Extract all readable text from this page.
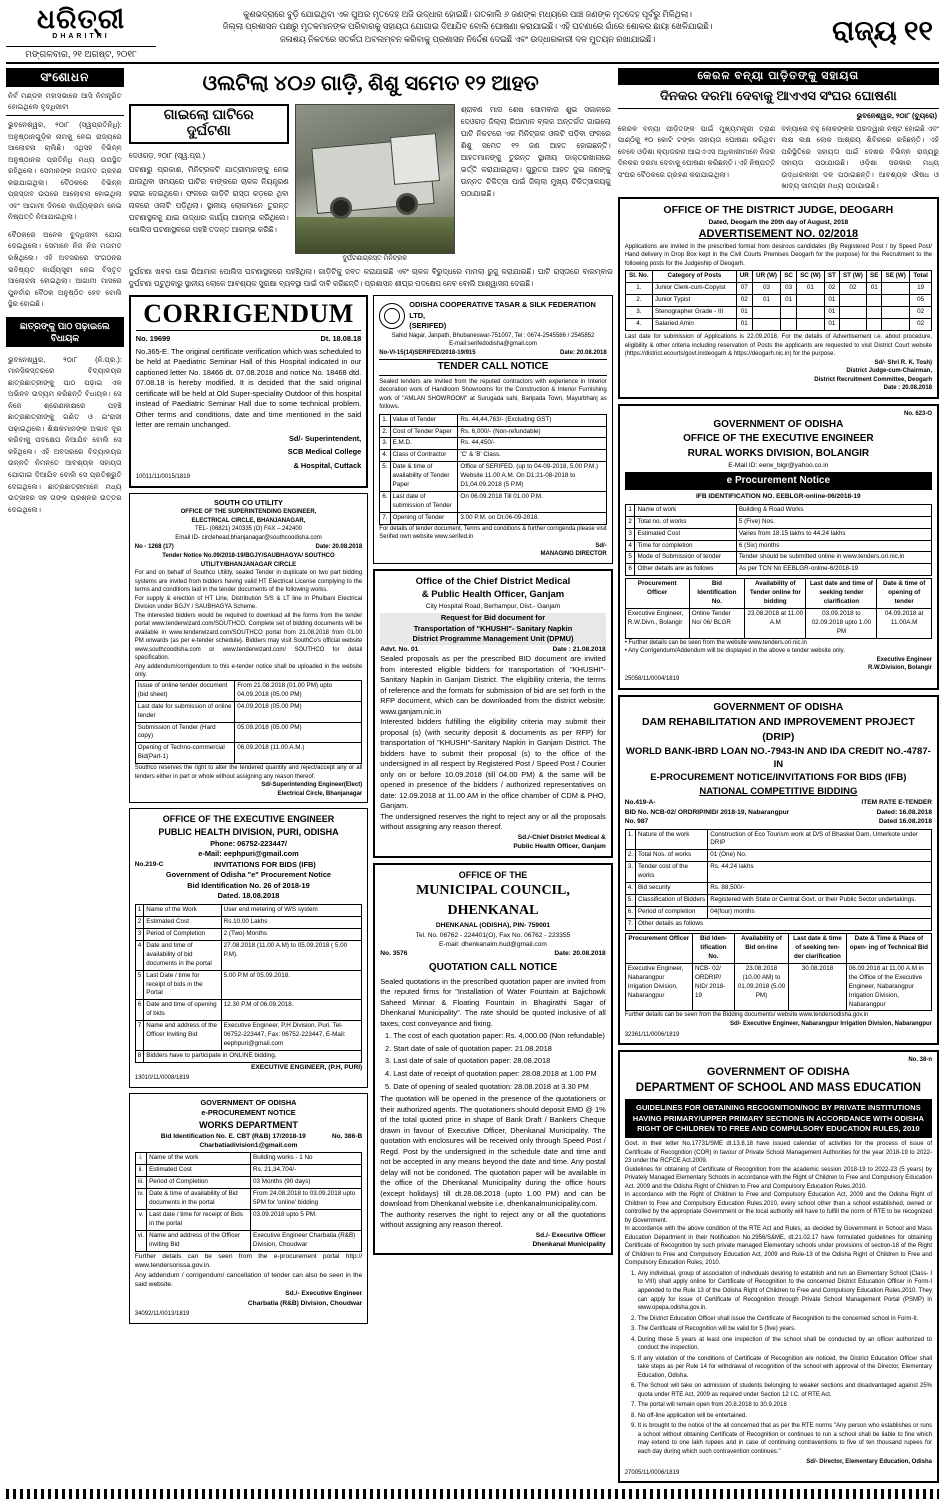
ଧରିତ୍ରୀ
DHARITRI
ମଙ୍ଗଳବାର, ୨୧ ଅଗଷ୍ଟ, ୨୦୧୮
କୁଶଭଦ୍ରାରେ ବୁଡ଼ି ଯୋଇଥିବା ଏକ ପୁଅର ମୃତଦେହ ଅଜି ଉଦ୍ଧାର ହୋଇଛି। ଗତକାଲି ୬ ଜଣଙ୍କ ମଧ୍ୟରେ ପାଞ୍ଚ ଜଣଙ୍କ ମୃତଦେହ ପୂର୍ବରୁ ମିଳିଥିଲା।
ଜିଲ୍ଲା ପ୍ରଶାସନ ପକ୍ଷରୁ ମୃତକମାନଙ୍କ ପରିବାରକୁ ସହାୟତା ଯୋଗାଇ ଦିଆଯିବ ବୋଲି ଘୋଷଣା କରାଯାଇଛି। ଏହି ଘଟଣାରେ ଗାଁରେ ଶୋକର ଛାୟା ଖେଳିଯାଇଛି।
ଜଳାଶୟ ନିକଟରେ ସତର୍କତା ଅବଲମ୍ବନ କରିବାକୁ ପ୍ରଶାସନ ନିର୍ଦ୍ଦେଶ ଦେଇଛି ଏବଂ ଉଦ୍ଧାରକାରୀ ଦଳ ମୁତୟନ ରଖାଯାଇଛି।	ରାଜ୍ୟ ୧୧
ସଂଶୋଧନ
ନିର୍ବ ମଣ୍ଡଳ ମହାସଭାରେ ଆସି ନିମନ୍ତ୍ରିତ ହୋଇଥିଲେ ବୃଦ୍ଧିଜୀବୀ
ଭୁବନେଶ୍ୱର, ୨୦ା୮ (ସ୍ୱପ୍ରତିନିଧି): ଅନୁଷ୍ଠାନଗୁଡ଼ିକ ନାମକୁ ନେଇ ରାଜ୍ୟରେ ଆଲୋଚନା ଚାଲିଛି। ଏଥିସହ ବିଭିନ୍ନ ଅନୁଷ୍ଠାନର ପ୍ରତିନିଧି ମଧ୍ୟ ଉପସ୍ଥିତ ରହିଥିଲେ। ସେମାନଙ୍କ ମତାମତ ଗ୍ରହଣ କରାଯାଇଥିଲା। ବୈଠକରେ ବିଭିନ୍ନ ପ୍ରସ୍ତାବ ଉପରେ ଆଲୋଚନା ହୋଇଥିଲା ଏବଂ ଆଗାମୀ ଦିନରେ କାର୍ଯ୍ୟକ୍ରମ ନେଇ ନିଷ୍ପତ୍ତି ନିଆଯାଇଥିଲା।
ବୈଠକରେ ଅନେକ ବୁଦ୍ଧିଜୀବୀ ଯୋଗ ଦେଇଥିଲେ। ସେମାନେ ନିଜ ନିଜ ମତାମତ ରଖିଥିଲେ। ଏହି ଅବସରରେ ସଂଗଠନର ଭବିଷ୍ୟତ କାର୍ଯ୍ୟସୂଚୀ ନେଇ ବିସ୍ତୃତ ଆଲୋଚନା ହୋଇଥିଲା। ଆଗାମୀ ମାସରେ ପୁନର୍ବାର ବୈଠକ ଅନୁଷ୍ଠିତ ହେବ ବୋଲି ସ୍ଥିର ହୋଇଛି।
ଛାତ୍ରଙ୍କୁ ପାଠ ପଢ଼ାଇଲେ ବିଧାୟକ
ଭୁବନେଶ୍ୱର, ୨୦ା୮ (ନି.ପ୍ର.): ମାନସିକସ୍ତରରେ ବିଦ୍ୟାଳୟର ଛାତ୍ରଛାତ୍ରୀଙ୍କୁ ପାଠ ପଢ଼ାଇ ଏକ ଅଭିନବ ଉଦ୍ୟମ କରିଛନ୍ତି ବିଧାୟକ। ସେ ନିଜେ ଶ୍ରେଣୀକକ୍ଷରେ ପହଞ୍ଚି ଛାତ୍ରଛାତ୍ରୀଙ୍କୁ ଗଣିତ ଓ ଇଂରାଜୀ ପଢ଼ାଇଥିଲେ। ଶିକ୍ଷକମାନଙ୍କ ଅଭାବ ଦୂର କରିବାକୁ ପଦକ୍ଷେପ ନିଆଯିବ ବୋଲି ସେ କହିଥିଲେ। ଏହି ଅବସରରେ ବିଦ୍ୟାଳୟର ଉନ୍ନତି ନିମନ୍ତେ ଆବଶ୍ୟକ ସହାୟତା ଯୋଗାଇ ଦିଆଯିବ ବୋଲି ସେ ପ୍ରତିଶ୍ରୁତି ଦେଇଥିଲେ। ଛାତ୍ରଛାତ୍ରୀମାନେ ମଧ୍ୟ ଉତ୍ସାହର ସହ ତାଙ୍କ ପ୍ରଶ୍ନର ଉତ୍ତର ଦେଇଥିଲେ।
ଓଲଟିଲା ୪୦୬ ଗାଡ଼ି, ଶିଶୁ ସମେତ ୧୨ ଆହତ
ଗାଇଲୋ ଘାଟିରେ ଦୁର୍ଘଟଣା
ଦେଓଗଡ଼, ୨୦ା୮ (ସ୍ୱ.ପ୍ର.)
ଘଟଣାରୁ ପ୍ରକାଶ, ମିନିଟ୍ରକଟି ଯାତ୍ରୀମାନଙ୍କୁ ନେଇ ଯାଉଥିବା ସମୟରେ ଘାଟିର ବାଙ୍କରେ ଚାଳକ ନିୟନ୍ତ୍ରଣ ହରାଇ ଦେଇଥିଲେ। ଫଳରେ ଗାଡ଼ିଟି ରାସ୍ତା କଡ଼ରେ ଥିବା ନାଳରେ ଓଲଟି ପଡ଼ିଥିଲା। ସ୍ଥାନୀୟ ଲୋକମାନେ ତୁରନ୍ତ ଘଟଣାସ୍ଥଳକୁ ଯାଇ ଉଦ୍ଧାର କାର୍ଯ୍ୟ ଆରମ୍ଭ କରିଥିଲେ। ପୋଲିସ ଘଟଣାସ୍ଥଳରେ ପହଞ୍ଚି ତଦନ୍ତ ଆରମ୍ଭ କରିଛି।
ଦୁର୍ଘଟଣାଗ୍ରସ୍ତ ମିନିଟ୍ରକ
ଶ୍ରାବଣ ମାସ ଶେଷ ସୋମବାର ଶୁଭ ସକାଳରେ ଦେଓଗଡ଼ ଜିଲ୍ଲା ରିଆମାଳ ବ୍ଲକ ଅନ୍ତର୍ଗତ ଗାଇଲୋ ଘାଟି ନିକଟରେ ଏକ ମିନିଟ୍ରକ ଓଲଟି ପଡ଼ିବା ଫଳରେ ଶିଶୁ ସମେତ ୧୨ ଜଣ ଆହତ ହୋଇଛନ୍ତି। ଆହତମାନଙ୍କୁ ତୁରନ୍ତ ସ୍ଥାନୀୟ ଡାକ୍ତରଖାନାରେ ଭର୍ତ୍ତି କରାଯାଇଥିଲା। ଗୁରୁତର ଆହତ ଦୁଇ ଜଣଙ୍କୁ ଉନ୍ନତ ଚିକିତ୍ସା ପାଇଁ ଜିଲ୍ଲା ମୁଖ୍ୟ ଚିକିତ୍ସାଳୟକୁ ପଠାଯାଇଛି।
ଦୁର୍ଘଟଣା ଖବର ପାଇ ରିଆମାଳ ପୋଲିସ ଘଟଣାସ୍ଥଳରେ ପହଞ୍ଚିଥିଲା। ଗାଡ଼ିଟିକୁ ଜବତ କରାଯାଇଛି ଏବଂ ଚାଳକ ବିରୁଦ୍ଧରେ ମାମଲା ରୁଜୁ କରାଯାଇଛି। ଘାଟି ରାସ୍ତାରେ ବାରମ୍ବାର ଦୁର୍ଘଟଣା ଘଟୁଥିବାରୁ ସ୍ଥାନୀୟ ଲୋକେ ଆବଶ୍ୟକ ସୁରକ୍ଷା ବ୍ୟବସ୍ଥା ପାଇଁ ଦାବି କରିଛନ୍ତି। ପ୍ରଶାସନ ଶୀଘ୍ର ପଦକ୍ଷେପ ନେବ ବୋଲି ଆଶ୍ୱାସନା ଦେଇଛି।
CORRIGENDUM
No. 19699	Dt. 18.08.18
No.365-E. The original certificate verification which was scheduled to be held at Paediatric Seminar Hall of this Hospital indicated in our captioned letter No. 18466 dt. 07.08.2018 and notice No. 18468 dtd. 07.08.18 is hereby modified. It is decided that the said original certificate will be held at Old Super-speciality Outdoor of this hospital instead of Paediatric Seminar Hall due to some technical problem. Other terms and conditions, date and time mentioned in the said letter are remain unchanged.
Sd/- Superintendent,
SCB Medical College
& Hospital, Cuttack
10011/11/0015/1819
SOUTH CO UTILITY
OFFICE OF THE SUPERINTENDING ENGINEER,
ELECTRICAL CIRCLE, BHANJANAGAR,
TEL- (06821) 240335 (O) FAX – 242400
Email ID- circlehead.bhanjanagar@southcoodisha.com
No - 1268 (17)	Date: 20.08.2018
Tender Notice No.09/2018-19/BGJY/SAUBHAGYA/ SOUTHCO UTILITY/BHANJANAGAR CIRCLE
For and on behalf of Southco Utility, sealed Tender in duplicate on two part bidding systems are invited from bidders having valid HT Electrical License complying to the terms and conditions laid in the tender documents of the following works.
For supply & erection of HT Line, Distribution S/S & LT line in Phulbani Electrical Division under BGJY / SAUBHAGYA Scheme.
The interested bidders would be required to download all the forms from the tender portal www.tenderwizard.com/SOUTHCO. Complete set of bidding documents will be available in www.tenderwizard.com/SOUTHCO portal from 21.08.2018 from 01.00 PM onwards (as per e-tender schedule). Bidders may visit SouthCo's official website www.southcoodisha.com or www.tenderwizard.com/ SOUTHCO for detail specification.
Any addendum/corrigendum to this e-tender notice shall be uploaded in the website only.
Issue of online tender document (bid sheet)	From 21.08.2018 (01.00 PM) upto 04.09.2018 (05.00 PM)
Last date for submission of online tender	04.09.2018 (05.00 PM)
Submission of Tender (Hard copy)	05.09.2018 (05.00 PM)
Opening of Techno-commercial Bid(Part-1)	06.09.2018 (11.00 A.M.)
Southco reserves the right to alter the tendered quantity and reject/accept any or all tenders either in part or whole without assigning any reason thereof.
Sd/-Superintending Engineer(Elect)
Electrical Circle, Bhanjanagar
OFFICE OF THE EXECUTIVE ENGINEER
PUBLIC HEALTH DIVISION, PURI, ODISHA
Phone: 06752-223447/
e-Mail: eephpuri@gmail.com
No.219-C	INVITATIONS FOR BIDS (IFB)
Government of Odisha "e" Procurement Notice
Bid Identification No. 26 of 2018-19
Dated. 18.08.2018
1	Name of the Work	User end metering of W/S system
2	Estimated Cost	Rs.10.00 Lakhs
3	Period of Completion	2 (Two) Months
4	Date and time of availability of bid documents in the portal	27.08.2018 (11.00 A.M) to 05.09.2018 ( 5.00 P.M).
5	Last Date / time for receipt of bids in the Portal	5.00 P.M of 05.09.2018.
6	Date and time of opening of bids	12.30 P.M of 06.09.2018.
7	Name and address of the Officer Inviting Bid	Executive Engineer, P.H Division, Puri. Tel-06752-223447, Fax: 06752-223447, E-Mail: eephpuri@gmail.com
8	Bidders have to participate in ONLINE bidding.	
EXECUTIVE ENGINEER, (P.H, PURI)
13010/11/0008/1819
GOVERNMENT OF ODISHA
e-PROCUREMENT NOTICE
WORKS DEPARTMENT
Bid Identification No. E. CBT (R&B) 17/2018-19	No. 386-B
Charbatiadivision1@gmail.com
i.	Name of the work	Building works - 1 No
ii.	Estimated Cost	Rs. 21,34,704/-
iii.	Period of Completion	03 Months (90 days)
iv.	Date & time of availability of Bid documents in the portal	From 24.08.2018 to 03.09.2018 upto 5PM for 'online' bidding
v.	Last date / time for receipt of Bids in the portal	03.09.2018 upto 5 PM.
vi.	Name and address of the Officer inviting Bid	Executive Engineer Charbatia (R&B) Division, Choudwar
Further details can be seen from the e-procurement portal http:// www.tendersorissa.gov.in.
Any addendum / corrigendum/ cancellation of tender can also be seen in the said website.
Sd./- Executive Engineer
Charbatia (R&B) Division, Choudwar
34092/11/0013/1819
ODISHA COOPERATIVE TASAR & SILK FEDERATION LTD,
(SERIFED)
Sahid Nagar, Janpath, Bhubaneswar-751007, Tel : 0674-2545586 / 2545852
E-mail:serifedodisha@gmail.com
No-VI-15(14)SERIFED/2018-19/915	Date: 20.08.2018
TENDER CALL NOTICE
Sealed tenders are invited from the reputed contractors with experience in Interior decoration work of Handloom Showrooms for the Construction & Interior Furnishing work of "AMLAN SHOWROOM" at Surugada sahi, Baripada Town, Mayurbhanj as follows.
1.	Value of Tender	Rs. 44,44,763/- (Excluding GST)
2.	Cost of Tender Paper	Rs. 6,000/- (Non-refundable)
3.	E.M.D.	Rs. 44,450/-
4.	Class of Contractor	'C' & 'B' Class.
5.	Date & time of availability of Tender Paper	Office of SERIFED. (up to 04-09-2018, 5.00 P.M.) Website 11.00 A.M. On D1:21-08-2018 to D1,04.09.2018 (5 P.M)
6.	Last date of submission of Tender	On 06.09.2018 Till 01.00 P.M.
7.	Opening of Tender	3.00 P.M. on Dt.06-09-2018.
For details of tender document, Terms and conditions & further corrigenda please visit Serifed own website www.serifed.in
Sd/-
MANAGING DIRECTOR
Office of the Chief District Medical
& Public Health Officer, Ganjam
City Hospital Road, Berhampur, Dist.- Ganjam
Request for Bid document for
Transportation of "KHUSHI"- Sanitary Napkin
District Programme Management Unit (DPMU)
Advt. No. 01	Date : 21.08.2018
Sealed proposals as per the prescribed BID document are invited from interested eligible bidders for transportation of "KHUSHI"-Sanitary Napkin in Ganjam District. The eligibility criteria, the terms of reference and the formats for submission of bid are set forth in the RFP document, which can be downloaded from the district website: www.ganjam.nic.in
Interested bidders fulfilling the eligibility criteria may submit their proposal (s) (with security deposit & documents as per RFP) for transportation of "KHUSHI"-Sanitary Napkin in Ganjam District. The bidders have to submit their proposal (s) to the office of the undersigned in all respect by Registered Post / Speed Post / Courier only on or before 10.09.2018 (till 04.00 PM) & the same will be opened in presence of the bidders / authorized representatives on date: 12.09.2018 at 11.00 AM in the office chamber of CDM & PHO, Ganjam.
The undersigned reserves the right to reject any or all the proposals without assigning any reason thereof.
Sd./-Chief District Medical &
Public Health Officer, Ganjam
OFFICE OF THE
MUNICIPAL COUNCIL, DHENKANAL
DHENKANAL (ODISHA), PIN- 759001
Tel. No. 06762 - 224401(O), Fax No. 06762 - 223355
E-mail: dhenkanalm.hud@gmail.com
No. 3576	Date: 20.08.2018
QUOTATION CALL NOTICE
Sealed quotations in the prescribed quotation paper are invited from the reputed firms for "Installation of Water Fountain at Bajichowk Saheed Minnar & Floating Fountain in Bhagirathi Sagar of Dhenkanal Municipality". The rate should be quoted inclusive of all taxes, cost conveyance and fixing.
1. The cost of each quotation paper: Rs. 4,000.00 (Non refundable)
2. Start date of sale of quotation paper: 21.08.2018
3. Last date of sale of quotation paper: 28.08.2018
4. Last date of receipt of quotation paper: 28.08.2018 at 1.00 PM
5. Date of opening of sealed quotation: 28.08.2018 at 3.30 PM
The quotation will be opened in the presence of the quotationers or their authorized agents. The quotationers should deposit EMD @ 1% of the total quoted price in shape of Bank Draft / Bankers Cheque drawn in favour of Executive Officer, Dhenkanal Municipality. The quotation with enclosures will be received only through Speed Post / Regd. Post by the undersigned in the schedule date and time and not be accepted in any means beyond the date and time. Any postal delay will not be condoned. The quotation paper will be available in the office of the Dhenkanal Municipality during the office hours (except holidays) till dt.28.08.2018 (upto 1.00 PM) and can be download from Dhenkanal website i.e. dhenkanalmunicipality.com.
The authority reserves the right to reject any or all the quotations without assigning any reason thereof.
Sd./- Executive Officer
Dhenkanal Municipality
କେରଳ ବନ୍ୟା ପାଡ଼ିତଙ୍କୁ ସହାୟତା
ଦିନକର ଦରମା ଦେବାକୁ ଆଏଏସ ସଂଘର ଘୋଷଣା
ଭୁବନେଶ୍ୱର, ୨୦ା୮ (ବ୍ୟୁରୋ)
କେରଳ ବନ୍ୟା ପୀଡ଼ିତଙ୍କ ପାଇଁ ମୁଖ୍ୟମନ୍ତ୍ରୀ ତ୍ରାଣ ପାଣ୍ଠିକୁ ୧୦ କୋଟି ଟଙ୍କା ସହାୟତା ଘୋଷଣା କରିଥିବା ବେଳେ ଓଡ଼ିଶା କ୍ୟାଡରର ଆଇଏଏସ ଅଧିକାରୀମାନେ ନିଜର ଦିନକର ଦରମା ଦେବାକୁ ଘୋଷଣା କରିଛନ୍ତି। ଏହି ନିଷ୍ପତ୍ତି ସଂଘର ବୈଠକରେ ଗ୍ରହଣ କରାଯାଇଥିଲା।
ବନ୍ୟାରେ ବହୁ ଲୋକଙ୍କର ଘରଦ୍ୱାର ନଷ୍ଟ ହୋଇଛି ଏବଂ ଲକ୍ଷ ଲକ୍ଷ ଲୋକ ଆଶ୍ରୟ ଶିବିରରେ ରହିଛନ୍ତି। ଏହି ପରିସ୍ଥିତିରେ ସହାୟତା ପାଇଁ ଦେଶର ବିଭିନ୍ନ ରାଜ୍ୟରୁ ସହାୟତା ପଠାଯାଉଛି। ଓଡ଼ିଶା ସରକାର ମଧ୍ୟ ଉଦ୍ଧାରକାରୀ ଦଳ ପଠାଇଛନ୍ତି। ଆବଶ୍ୟକ ଔଷଧ ଓ ଖାଦ୍ୟ ସାମଗ୍ରୀ ମଧ୍ୟ ପଠାଯାଉଛି।
OFFICE OF THE DISTRICT JUDGE, DEOGARH
Dated, Deogarh the 20th day of August, 2018
ADVERTISEMENT NO. 02/2018
Applications are invited in the prescribed format from desirous candidates (By Registered Post / by Speed Post/ Hand delivery in Drop Box kept in the Civil Courts Premises Deogarh for the purpose) for the Recruitment to the following posts for the Judgeship of Deogarh.
Sl. No.	Category of Posts	UR	UR (W)	SC	SC (W)	ST	ST (W)	SE	SE (W)	Total
1.	Junior Clerk-cum-Copyist	07	03	03	01	02	02	01		19
2.	Junior Typist	02	01	01		01				05
3.	Stenographer Grade - III	01				01				02
4.	Salaried Amin	01				01				02
Last date for submission of Applications is 22.09.2018. For the details of Advertisement i.e. about procedure, eligibility & other criteria including reservation of Posts the applicants are requested to visit District Court website (https://district.ecourts/govt.in/deogarh & https://deogarh.nic.in) for the purpose.
Sd/- Shri R. K. Tosh)
District Judge-cum-Chairman,
District Recruitment Committee, Deogarh
Date : 20.08.2018
No. 623-O
GOVERNMENT OF ODISHA
OFFICE OF THE EXECUTIVE ENGINEER
RURAL WORKS DIVISION, BOLANGIR
E-Mail ID: eerw_blgr@yahoo.co.in
e Procurement Notice
IFB IDENTIFICATION NO. EEBLGR-online-06/2018-19
1	Name of work	Building & Road Works
2	Total no. of works	5 (Five) Nos.
3	Estimated Cost	Varies from 18.15 lakhs to 44.24 lakhs
4	Time for completion	6 (Six) months
5	Mode of Submission of tender	Tender should be submitted online in www.tenders.ori.nic.in
6	Other details are as follows	As per TCN No EEBLGR-online-6/2018-19
Procurement Officer	Bid Identification No.	Availability of Tender online for bidding	Last date and time of seeking tender clarification	Date & time of opening of tender
Executive Engineer, R.W.Divn., Bolangir	Online Tender No/ 06/ BLGR	23.08.2018 at 11.00 A.M	03.09.2018 to 02.09.2018 upto 1.00 PM	04.09.2018 at 11.00A.M
• Further details can be seen from the website www.tenders.ori.nic.in
• Any Corrigendum/Addendum will be displayed in the above e tender website only.
Executive Engineer
R.W.Division, Bolangir
25058/11/0004/1819
GOVERNMENT OF ODISHA
DAM REHABILITATION AND IMPROVEMENT PROJECT (DRIP)
WORLD BANK-IBRD LOAN NO.-7943-IN AND IDA CREDIT NO.-4787-IN
E-PROCUREMENT NOTICE/INVITATIONS FOR BIDS (IFB)
NATIONAL COMPETITIVE BIDDING
No.419-A-	ITEM RATE E-TENDER
BID No. NCB-02/ ORDRIP/NID/ 2018-19, Nabarangpur	Dated: 16.08.2018
No. 987	Dated 16.08.2018
1.	Nature of the work	Construction of Eco Tourism work at D/S of Bhaskel Dam, Umerkote under DRIP
2.	Total Nos. of works	01 (One) No.
3.	Tender cost of the works	Rs. 44.24 lakhs
4.	Bid security	Rs. 88,500/-
5.	Classification of Bidders	Registered with State or Central Govt. or their Public Sector undertakings.
6.	Period of completion	04(four) months
7.	Other details as follows	
Procurement Officer	Bid Iden- tification No.	Availability of Bid on-line	Last date & time of seeking ten- der clarification	Date & Time & Place of open- ing of Technical Bid
Executive Engineer, Nabarangpur Irrigation Division, Nabarangpur	NCB- 02/ ORDRIP/ NID/ 2018-19	23.08.2018 (10.00 AM) to 01.09.2018 (5.00 PM)	30.08.2018	06.09.2018 at 11.00 A.M in the Office of the Executive Engineer, Nabarangpur Irrigation Division, Nabarangpur
Further details can be seen from the Bidding documents/ website www.tendersodisha.gov.in
Sd/- Executive Engineer, Nabarangpur Irrigation Division, Nabarangpur
32361/11/0006/1819
No. 38-n
GOVERNMENT OF ODISHA
DEPARTMENT OF SCHOOL AND MASS EDUCATION
GUIDELINES FOR OBTAINING RECOGNITION/NOC BY PRIVATE INSTITUTIONS HAVING PRIMARY/UPPER PRIMARY SECTIONS IN ACCORDANCE WITH ODISHA RIGHT OF CHILDREN TO FREE AND COMPULSORY EDUCATION RULES, 2010
Govt. in their letter No.17731/SME dt.13.8.18 have issued calendar of activities for the process of issue of Certificate of Recognition (COR) in favour of Private School Management Authorities for the year 2018-19 to 2022-23 under the RCFCE Act.2009.
Guidelines for obtaining of Certificate of Recognition from the academic session 2018-19 to 2022-23 (5 years) by Privately Managed Elementary Schools in accordance with the Right of Children to Free and Compulsory Education Act. 2009 and the Odisha Right of Children to Free and Compulsory Education Rules.2010.
In accordance with the Right of Children to Free and Compulsory Education Act, 2009 and the Odisha Right of Children to Free and Compulsory Education Rules.2010, every school other than a school established, owned or controlled by the appropriate Government or the local authority will have to fulfill the norm of RTE to be recognized by Government.
In accordance with the above condition of the RTE Act and Rules, as decided by Government in School and Mass Education Department in their Notification No.2956/S&ME, dt.21.02.17 have formulated guidelines for obtaining Certificate of Recognition by such private managed Elementary schools under provisions of section-18 of the Right of Children to Free and Compulsory Education Act, 2009 and Rule-13 of the Odisha Right of Children to Free and Compulsory Education Rules, 2010.
1. Any individual, group of association of individuals desiring to establish and run an Elementary School (Class- I to VIII) shall apply online for Certificate of Recognition to the concerned District Education Officer in Form-I appended to the Rule 13 of the Odisha Right of Children to Free and Compulsory Education Rules,2010. They can apply for issue of Certificate of Recognition through Private School Management Portal (PSMP) in www.opepa.odisha.gov.in.
2. The District Education Officer shall issue the Certificate of Recognition to the concerned school in Form-II.
3. The Certificate of Recognition will be valid for 5 (five) years.
4. During these 5 years at least one inspection of the school shall be conducted by an officer authorized to conduct the inspection.
5. If any violation of the conditions of Certificate of Recognition are noticed, the District Education Officer shall take steps as per Rule 14 for withdrawal of recognition of the school with approval of the Director, Elementary Education, Odisha.
6. The School will take on admission of students belonging to weaker sections and disadvantaged against 25% quota under RTE Act, 2009 as required under Section 12 I.C. of RTE Act.
7. The portal will remain open from 20.8.2018 to 30.9.2018
8. No off-line application will be entertained.
9. It is brought to the notice of the all concerned that as per the RTE norms "Any person who establishes or runs a school without obtaining Certificate of Recognition or continues to run a school shall be liable to fine which may extend to one lakh rupees and in case of continuing contraventions to five of ten thousand rupees for each day during which such contravention continues."
Sd/- Director, Elementary Education, Odisha
27005/11/0006/1819
